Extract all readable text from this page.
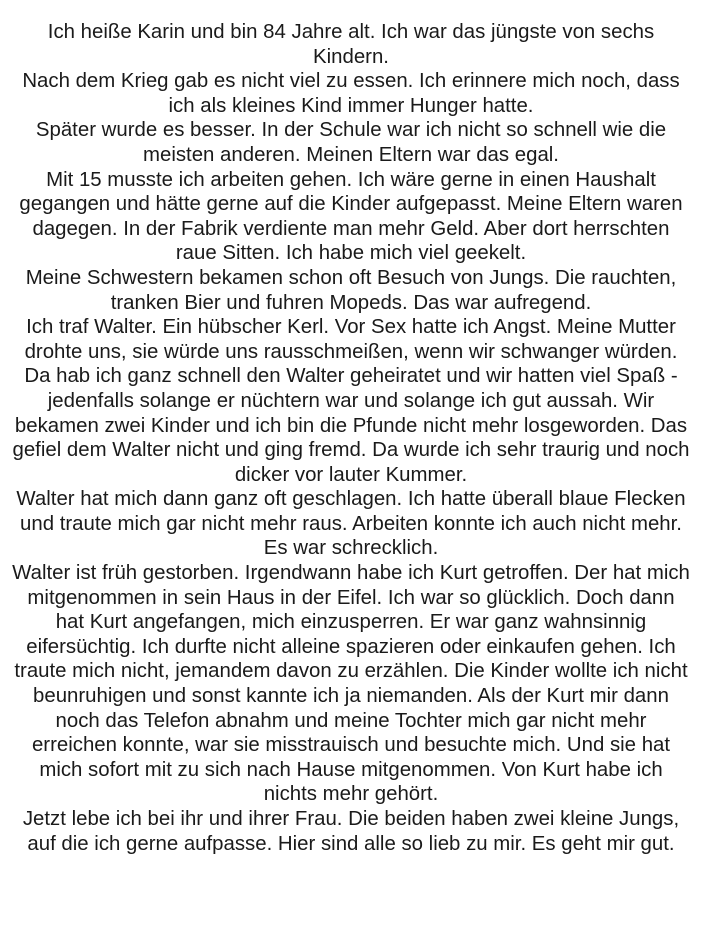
Ich heiße Karin und bin 84 Jahre alt. Ich war das jüngste von sechs Kindern.

Nach dem Krieg gab es nicht viel zu essen. Ich erinnere mich noch, dass ich als kleines Kind immer Hunger hatte.

Später wurde es besser. In der Schule war ich nicht so schnell wie die meisten anderen. Meinen Eltern war das egal.

Mit 15 musste ich arbeiten gehen. Ich wäre gerne in einen Haushalt gegangen und hätte gerne auf die Kinder aufgepasst. Meine Eltern waren dagegen. In der Fabrik verdiente man mehr Geld. Aber dort herrschten raue Sitten. Ich habe mich viel geekelt.

Meine Schwestern bekamen schon oft Besuch von Jungs. Die rauchten, tranken Bier und fuhren Mopeds. Das war aufregend.

Ich traf Walter. Ein hübscher Kerl. Vor Sex hatte ich Angst. Meine Mutter drohte uns, sie würde uns rausschmeißen, wenn wir schwanger würden.

Da hab ich ganz schnell den Walter geheiratet und wir hatten viel Spaß - jedenfalls solange er nüchtern war und solange ich gut aussah. Wir bekamen zwei Kinder und ich bin die Pfunde nicht mehr losgeworden. Das gefiel dem Walter nicht und ging fremd. Da wurde ich sehr traurig und noch dicker vor lauter Kummer.

Walter hat mich dann ganz oft geschlagen. Ich hatte überall blaue Flecken und traute mich gar nicht mehr raus. Arbeiten konnte ich auch nicht mehr. Es war schrecklich.

Walter ist früh gestorben. Irgendwann habe ich Kurt getroffen. Der hat mich mitgenommen in sein Haus in der Eifel. Ich war so glücklich. Doch dann hat Kurt angefangen, mich einzusperren. Er war ganz wahnsinnig eifersüchtig. Ich durfte nicht alleine spazieren oder einkaufen gehen. Ich traute mich nicht, jemandem davon zu erzählen. Die Kinder wollte ich nicht beunruhigen und sonst kannte ich ja niemanden. Als der Kurt mir dann noch das Telefon abnahm und meine Tochter mich gar nicht mehr erreichen konnte, war sie misstrauisch und besuchte mich. Und sie hat mich sofort mit zu sich nach Hause mitgenommen. Von Kurt habe ich nichts mehr gehört.

Jetzt lebe ich bei ihr und ihrer Frau. Die beiden haben zwei kleine Jungs, auf die ich gerne aufpasse. Hier sind alle so lieb zu mir. Es geht mir gut.
